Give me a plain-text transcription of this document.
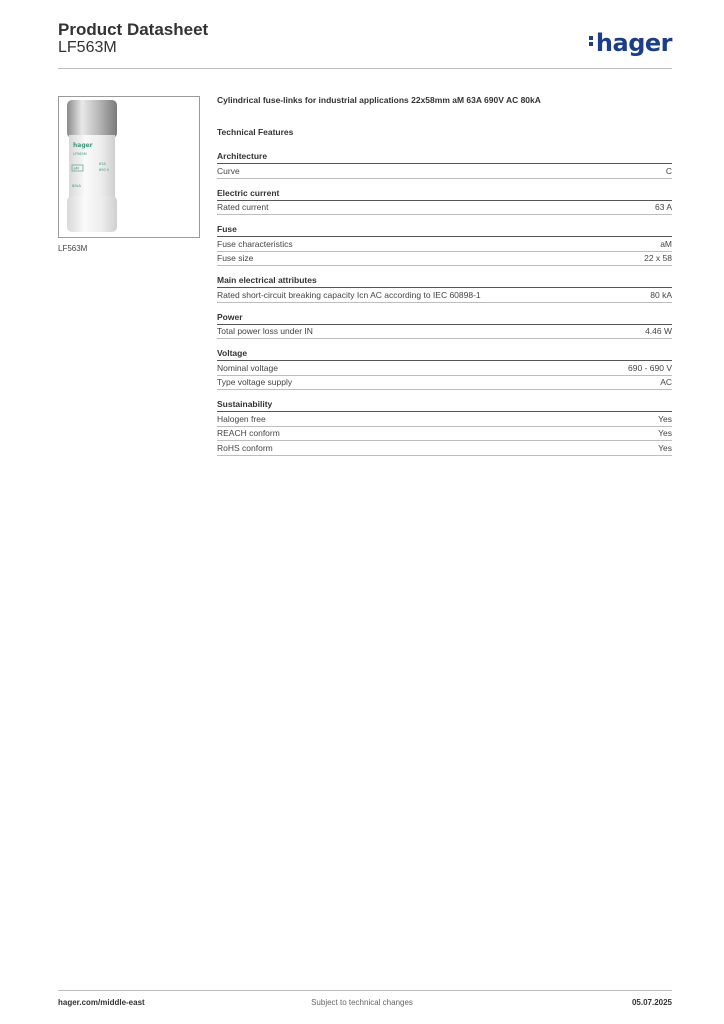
Product Datasheet
LF563M	hager
hager
LF563M
aM
63A
690 V
80kA
LF563M
Cylindrical fuse-links for industrial applications 22x58mm aM 63A 690V AC 80kA
Technical Features
Architecture
Curve	C
Electric current
Rated current	63 A
Fuse
Fuse characteristics	aM
Fuse size	22 x 58
Main electrical attributes
Rated short-circuit breaking capacity Icn AC according to IEC 60898-1	80 kA
Power
Total power loss under IN	4.46 W
Voltage
Nominal voltage	690 - 690 V
Type voltage supply	AC
Sustainability
Halogen free	Yes
REACH conform	Yes
RoHS conform	Yes
hager.com/middle-east	Subject to technical changes	05.07.2025
